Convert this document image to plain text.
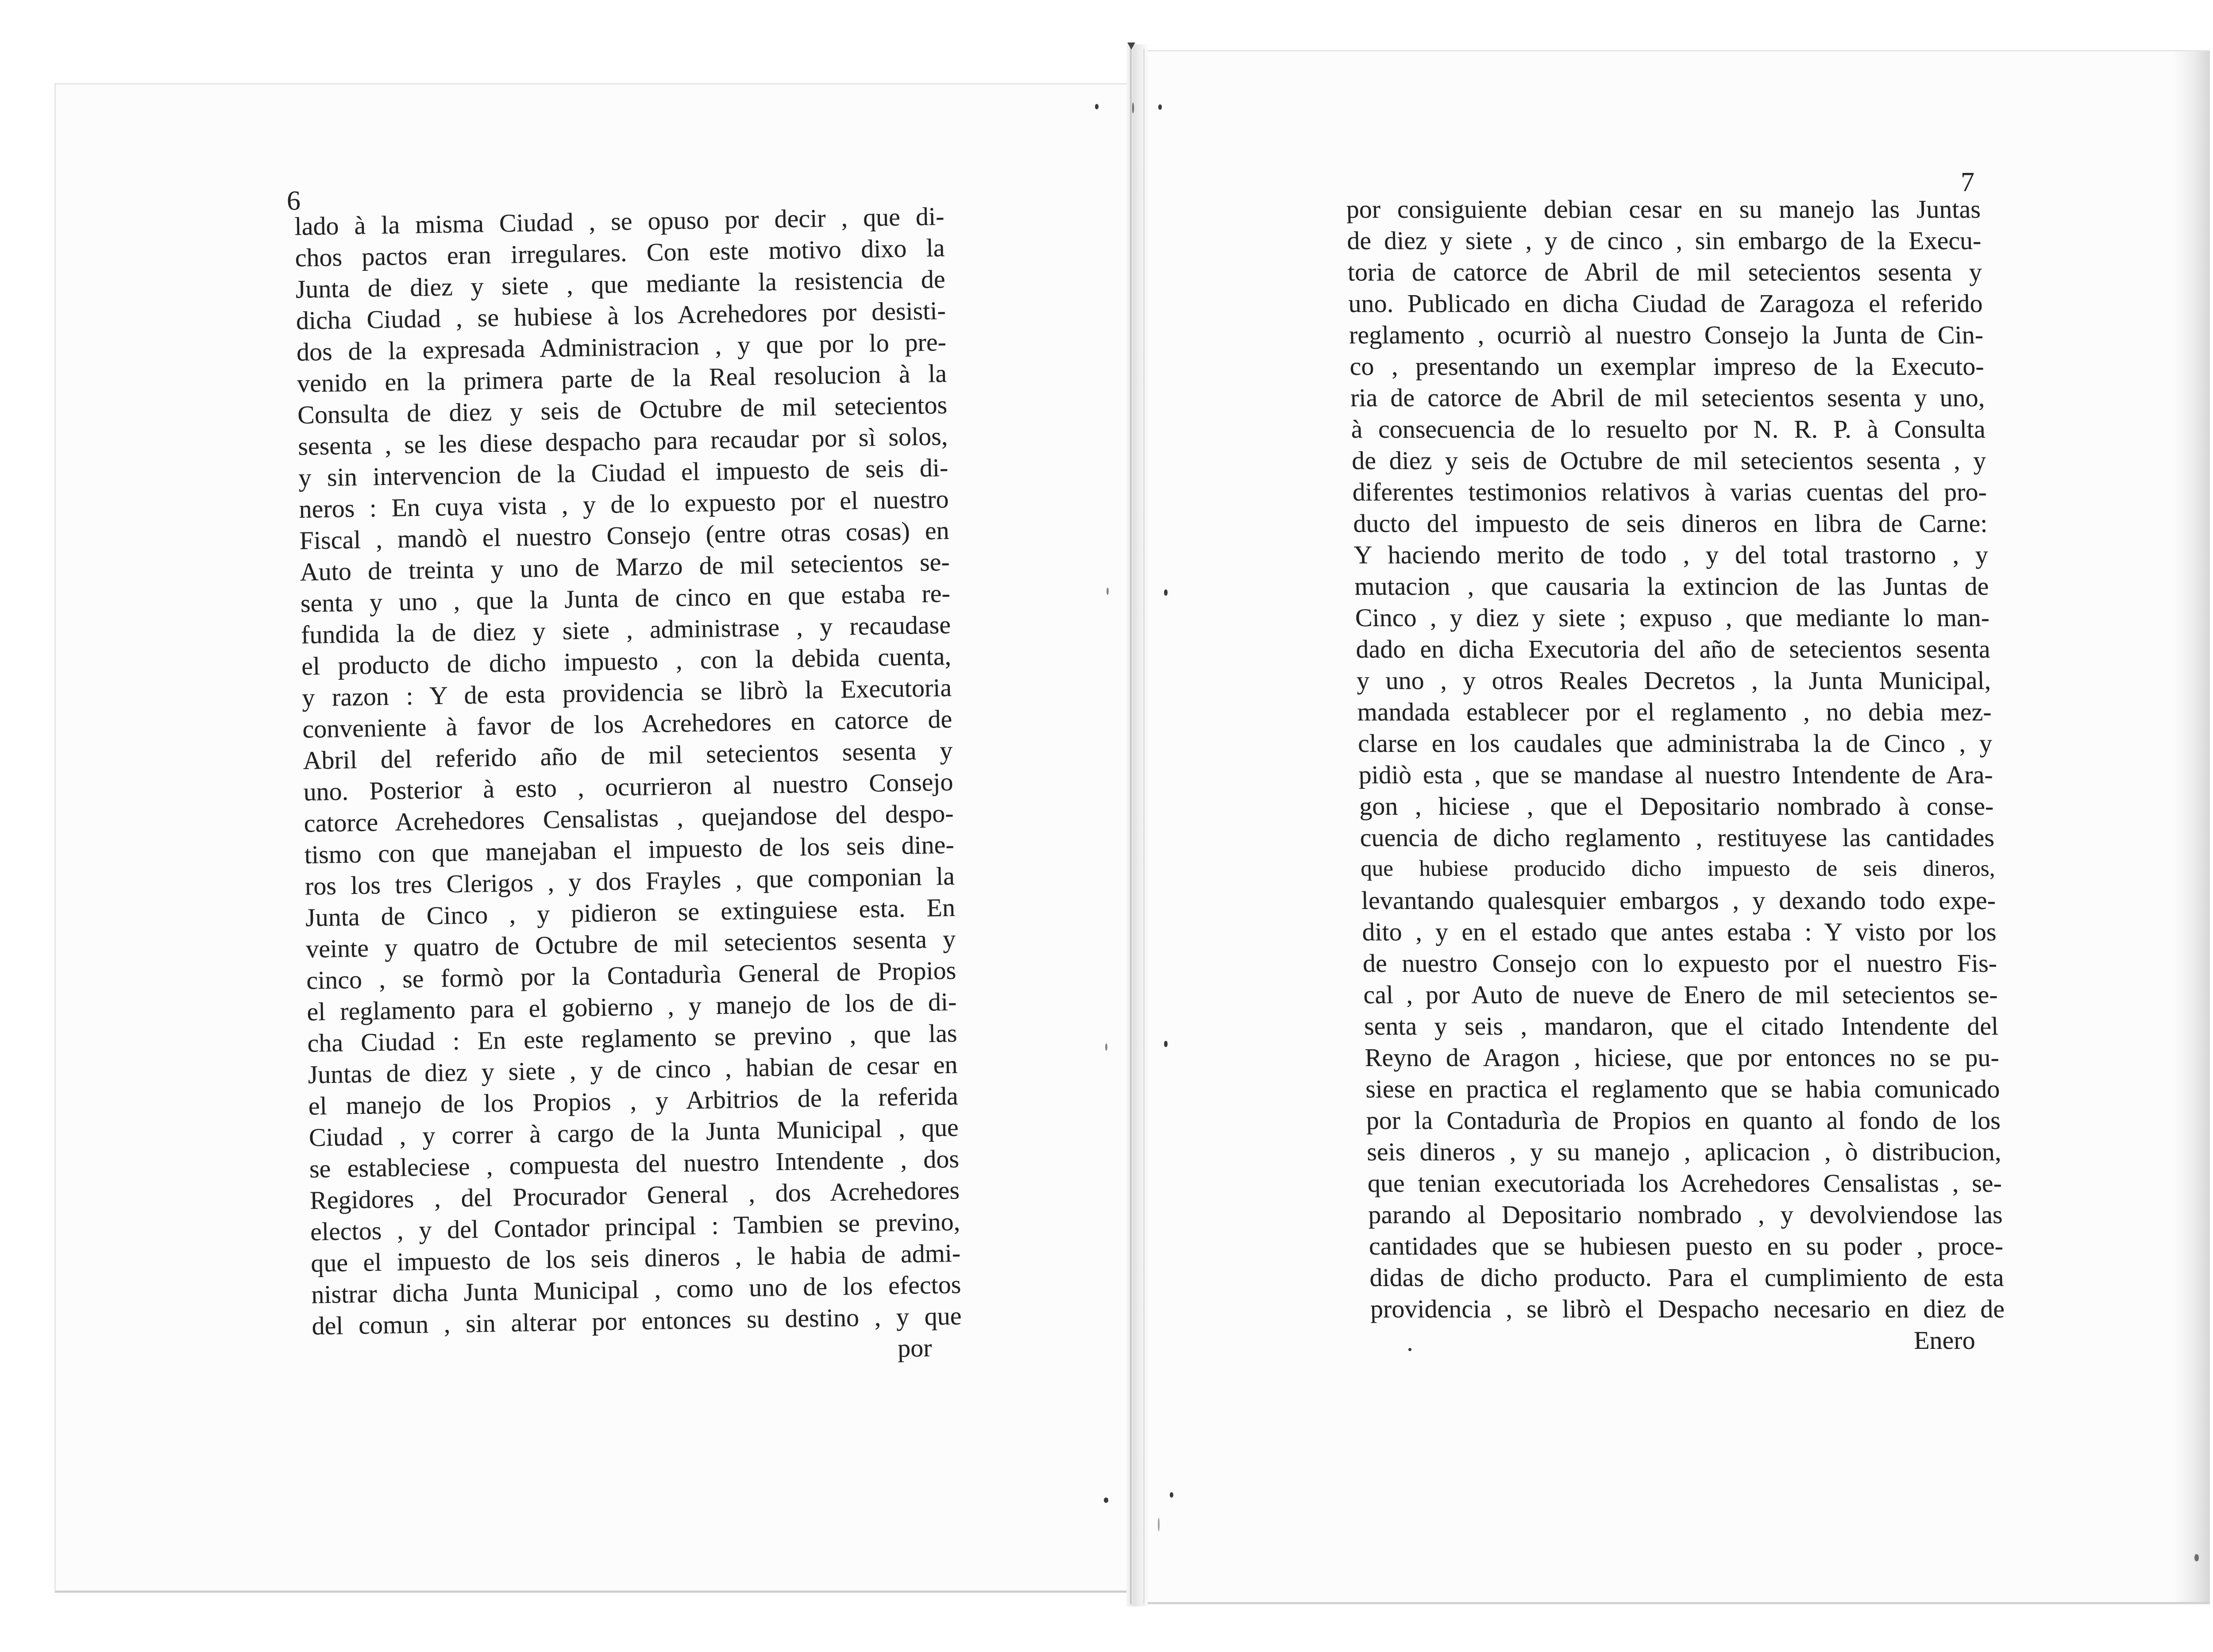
6
7
lado à la misma Ciudad , se opuso por decir , que di-
chos pactos eran irregulares. Con este motivo dixo la
Junta de diez y siete , que mediante la resistencia de
dicha Ciudad , se hubiese à los Acrehedores por desisti-
dos de la expresada Administracion , y que por lo pre-
venido en la primera parte de la Real resolucion à la
Consulta de diez y seis de Octubre de mil setecientos
sesenta , se les diese despacho para recaudar por sì solos,
y sin intervencion de la Ciudad el impuesto de seis di-
neros : En cuya vista , y de lo expuesto por el nuestro
Fiscal , mandò el nuestro Consejo (entre otras cosas) en
Auto de treinta y uno de Marzo de mil setecientos se-
senta y uno , que la Junta de cinco en que estaba re-
fundida la de diez y siete , administrase , y recaudase
el producto de dicho impuesto , con la debida cuenta,
y razon : Y de esta providencia se librò la Executoria
conveniente à favor de los Acrehedores en catorce de
Abril del referido año de mil setecientos sesenta y
uno. Posterior à esto , ocurrieron al nuestro Consejo
catorce Acrehedores Censalistas , quejandose del despo-
tismo con que manejaban el impuesto de los seis dine-
ros los tres Clerigos , y dos Frayles , que componian la
Junta de Cinco , y pidieron se extinguiese esta. En
veinte y quatro de Octubre de mil setecientos sesenta y
cinco , se formò por la Contadurìa General de Propios
el reglamento para el gobierno , y manejo de los de di-
cha Ciudad : En este reglamento se previno , que las
Juntas de diez y siete , y de cinco , habian de cesar en
el manejo de los Propios , y Arbitrios de la referida
Ciudad , y correr à cargo de la Junta Municipal , que
se estableciese , compuesta del nuestro Intendente , dos
Regidores , del Procurador General , dos Acrehedores
electos , y del Contador principal : Tambien se previno,
que el impuesto de los seis dineros , le habia de admi-
nistrar dicha Junta Municipal , como uno de los efectos
del comun , sin alterar por entonces su destino , y que
por
por consiguiente debian cesar en su manejo las Juntas
de diez y siete , y de cinco , sin embargo de la Execu-
toria de catorce de Abril de mil setecientos sesenta y
uno. Publicado en dicha Ciudad de Zaragoza el referido
reglamento , ocurriò al nuestro Consejo la Junta de Cin-
co , presentando un exemplar impreso de la Executo-
ria de catorce de Abril de mil setecientos sesenta y uno,
à consecuencia de lo resuelto por N. R. P. à Consulta
de diez y seis de Octubre de mil setecientos sesenta , y
diferentes testimonios relativos à varias cuentas del pro-
ducto del impuesto de seis dineros en libra de Carne:
Y haciendo merito de todo , y del total trastorno , y
mutacion , que causaria la extincion de las Juntas de
Cinco , y diez y siete ; expuso , que mediante lo man-
dado en dicha Executoria del año de setecientos sesenta
y uno , y otros Reales Decretos , la Junta Municipal,
mandada establecer por el reglamento , no debia mez-
clarse en los caudales que administraba la de Cinco , y
pidiò esta , que se mandase al nuestro Intendente de Ara-
gon , hiciese , que el Depositario nombrado à conse-
cuencia de dicho reglamento , restituyese las cantidades
que hubiese producido dicho impuesto de seis dineros,
levantando qualesquier embargos , y dexando todo expe-
dito , y en el estado que antes estaba : Y visto por los
de nuestro Consejo con lo expuesto por el nuestro Fis-
cal , por Auto de nueve de Enero de mil setecientos se-
senta y seis , mandaron, que el citado Intendente del
Reyno de Aragon , hiciese, que por entonces no se pu-
siese en practica el reglamento que se habia comunicado
por la Contadurìa de Propios en quanto al fondo de los
seis dineros , y su manejo , aplicacion , ò distribucion,
que tenian executoriada los Acrehedores Censalistas , se-
parando al Depositario nombrado , y devolviendose las
cantidades que se hubiesen puesto en su poder , proce-
didas de dicho producto. Para el cumplimiento de esta
providencia , se librò el Despacho necesario en diez de
Enero
